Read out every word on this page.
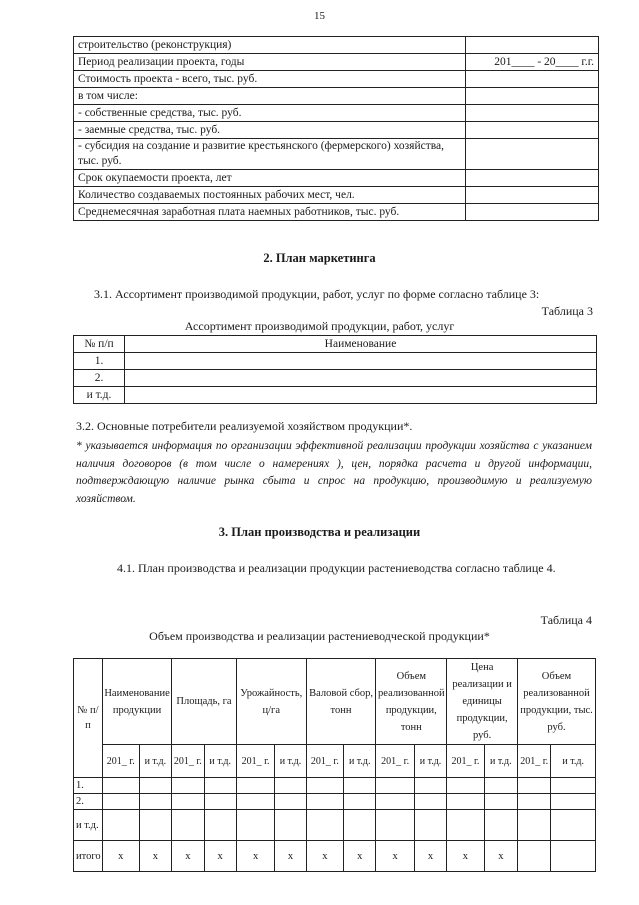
15
строительство (реконструкция)	
Период реализации проекта, годы	201____ - 20____ г.г.
Стоимость проекта - всего, тыс. руб.	
в том числе:	
- собственные средства, тыс. руб.	
- заемные средства, тыс. руб.	
- субсидия на создание и развитие крестьянского (фермерского) хозяйства, тыс. руб.	
Срок окупаемости проекта, лет	
Количество создаваемых постоянных рабочих мест, чел.	
Среднемесячная заработная плата наемных работников, тыс. руб.	
2. План маркетинга
3.1. Ассортимент производимой продукции, работ, услуг по форме согласно таблице 3:
Таблица 3
Ассортимент производимой продукции, работ, услуг
№ п/п	Наименование
1.	
2.	
и т.д.	
3.2. Основные потребители реализуемой хозяйством продукции*.
* указывается информация по организации эффективной реализации продукции хозяйства с указанием наличия договоров (в том числе о намерениях ), цен, порядка расчета и другой информации, подтверждающую наличие рынка сбыта и спрос на продукцию, производимую и реализуемую хозяйством.
3. План производства и реализации
4.1. План производства и реализации продукции растениеводства согласно таблице 4.
Таблица 4
Объем производства и реализации растениеводческой продукции*
№ п/п	Наименование продукции		Площадь, га		Урожайность, ц/га		Валовой сбор, тонн		Объем реализованной продукции, тонн		Цена реализации и единицы продукции, руб.		Объем реализованной продукции, тыс. руб.	
	201_ г.	и т.д.	201_ г.	и т.д.	201_ г.	и т.д.	201_ г.	и т.д.	201_ г.	и т.д.	201_ г.	и т.д.	201_ г.	и т.д.
1.														
2.														
и т.д.														
итого	х	х	х	х	х	х	х	х	х	х	х	х		
